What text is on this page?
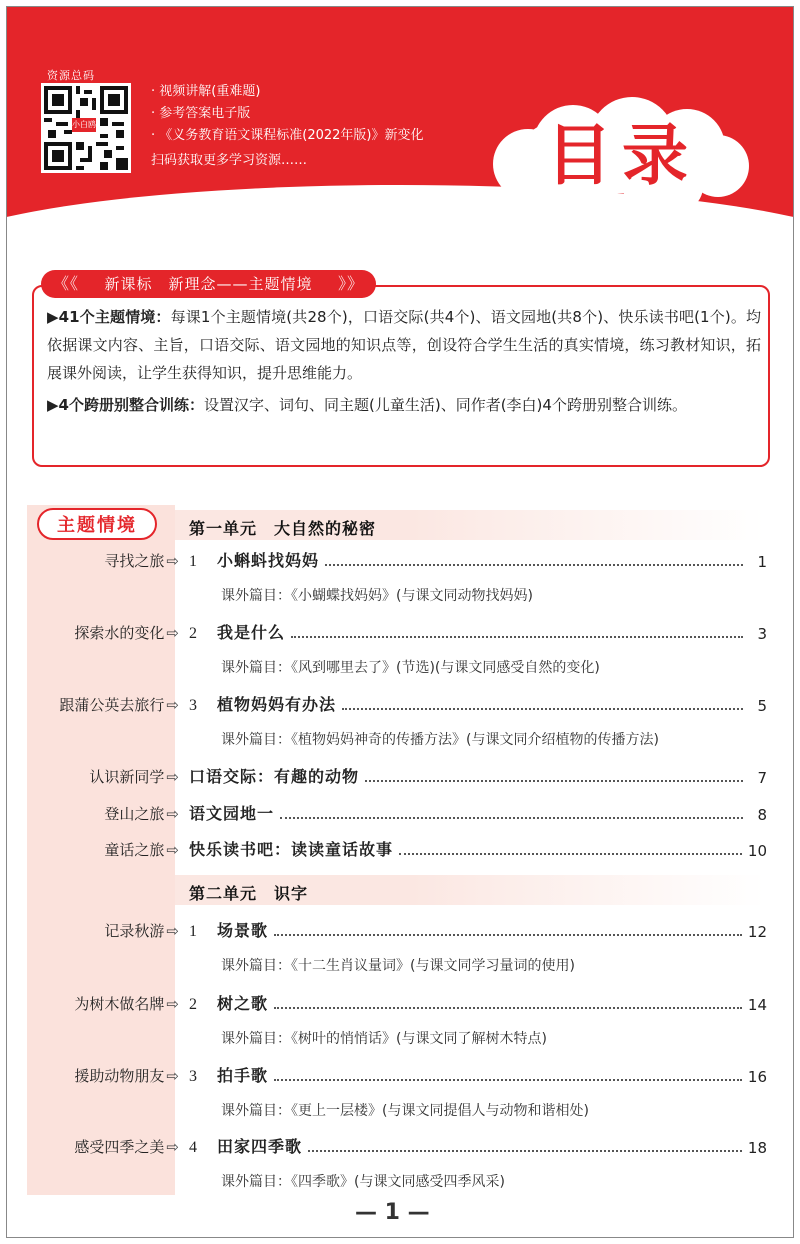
资源总码
小白鸥
· 视频讲解(重难题)
· 参考答案电子版
· 《义务教育语文课程标准(2022年版)》新变化
扫码获取更多学习资源……	目录
《《 新课标　新理念——主题情境 》》

▶41个主题情境：每课1个主题情境(共28个)，口语交际(共4个)、语文园地(共8个)、快乐读书吧(1个)。均依据课文内容、主旨，口语交际、语文园地的知识点等，创设符合学生生活的真实情境，练习教材知识，拓展课外阅读，让学生获得知识，提升思维能力。

▶4个跨册别整合训练：设置汉字、词句、同主题(儿童生活)、同作者(李白)4个跨册别整合训练。

主题情境	第一单元　大自然的秘密
寻找之旅 ⇨	1	小蝌蚪找妈妈	1
课外篇目：《小蝴蝶找妈妈》(与课文同动物找妈妈)
探索水的变化 ⇨	2	我是什么	3
课外篇目：《风到哪里去了》(节选)(与课文同感受自然的变化)
跟蒲公英去旅行 ⇨	3	植物妈妈有办法	5
课外篇目：《植物妈妈神奇的传播方法》(与课文同介绍植物的传播方法)
认识新同学 ⇨	口语交际：有趣的动物	7
登山之旅 ⇨	语文园地一	8
童话之旅 ⇨	快乐读书吧：读读童话故事	10
第二单元　识字
记录秋游 ⇨	1	场景歌	12
课外篇目：《十二生肖议量词》(与课文同学习量词的使用)
为树木做名牌 ⇨	2	树之歌	14
课外篇目：《树叶的悄悄话》(与课文同了解树木特点)
援助动物朋友 ⇨	3	拍手歌	16
课外篇目：《更上一层楼》(与课文同提倡人与动物和谐相处)
感受四季之美 ⇨	4	田家四季歌	18
课外篇目：《四季歌》(与课文同感受四季风采)
— 1 —
